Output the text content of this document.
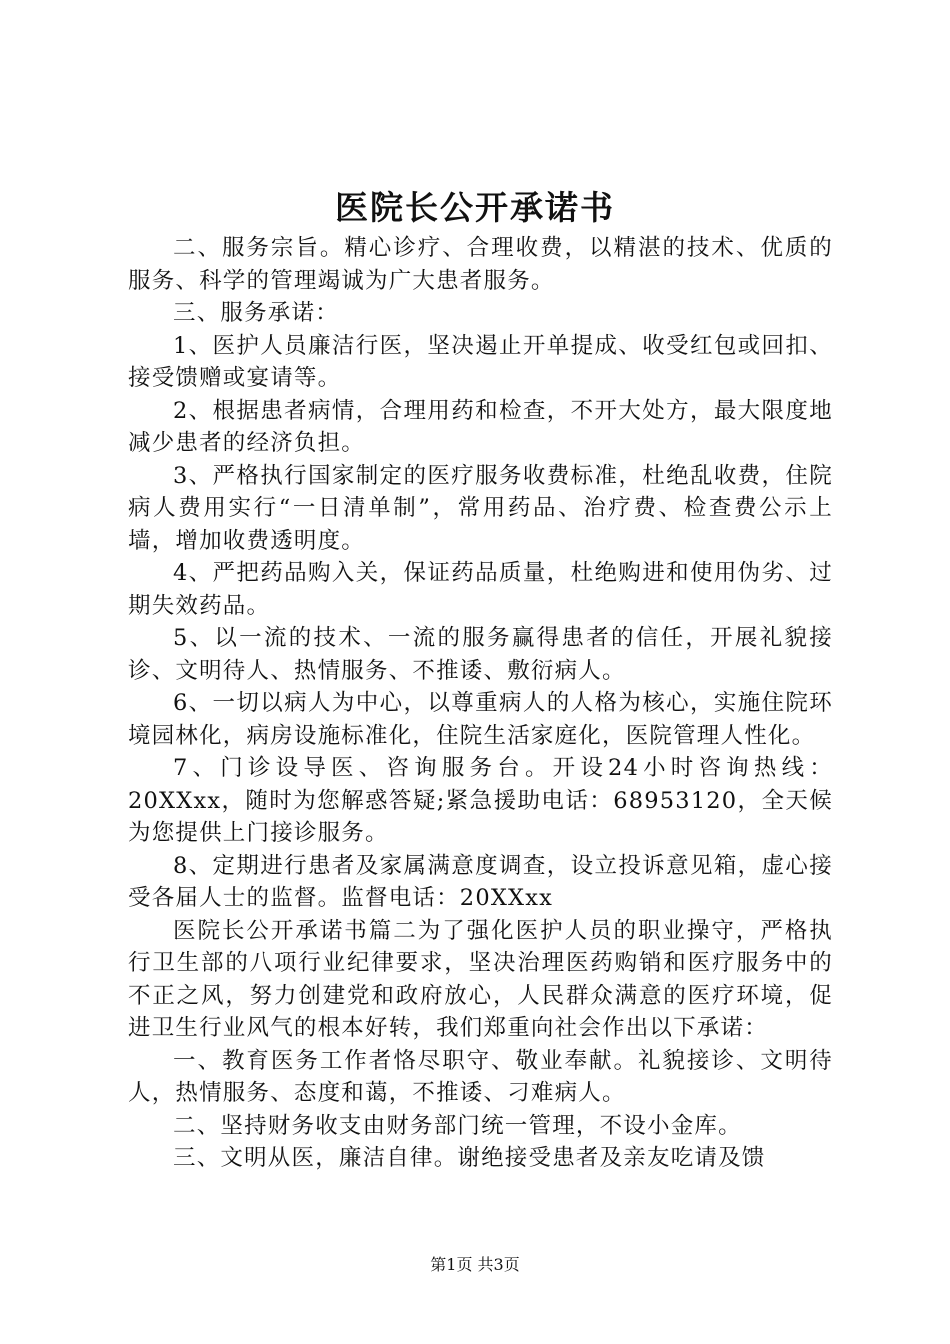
医院长公开承诺书

二、服务宗旨。精心诊疗、合理收费，以精湛的技术、优质的服务、科学的管理竭诚为广大患者服务。

三、服务承诺：

1、医护人员廉洁行医，坚决遏止开单提成、收受红包或回扣、接受馈赠或宴请等。

2、根据患者病情，合理用药和检查，不开大处方，最大限度地减少患者的经济负担。

3、严格执行国家制定的医疗服务收费标准，杜绝乱收费，住院病人费用实行“一日清单制”，常用药品、治疗费、检查费公示上墙，增加收费透明度。

4、严把药品购入关，保证药品质量，杜绝购进和使用伪劣、过期失效药品。

5、以一流的技术、一流的服务赢得患者的信任，开展礼貌接诊、文明待人、热情服务、不推诿、敷衍病人。

6、一切以病人为中心，以尊重病人的人格为核心，实施住院环境园林化，病房设施标准化，住院生活家庭化，医院管理人性化。

7、门诊设导医、咨询服务台。开设24小时咨询热线：20XXxx，随时为您解惑答疑;紧急援助电话：68953120，全天候为您提供上门接诊服务。

8、定期进行患者及家属满意度调查，设立投诉意见箱，虚心接受各届人士的监督。监督电话：20XXxx

医院长公开承诺书篇二为了强化医护人员的职业操守，严格执行卫生部的八项行业纪律要求，坚决治理医药购销和医疗服务中的不正之风，努力创建党和政府放心，人民群众满意的医疗环境，促进卫生行业风气的根本好转，我们郑重向社会作出以下承诺：

一、教育医务工作者恪尽职守、敬业奉献。礼貌接诊、文明待人，热情服务、态度和蔼，不推诿、刁难病人。

二、坚持财务收支由财务部门统一管理，不设小金库。

三、文明从医，廉洁自律。谢绝接受患者及亲友吃请及馈

第1页 共3页
